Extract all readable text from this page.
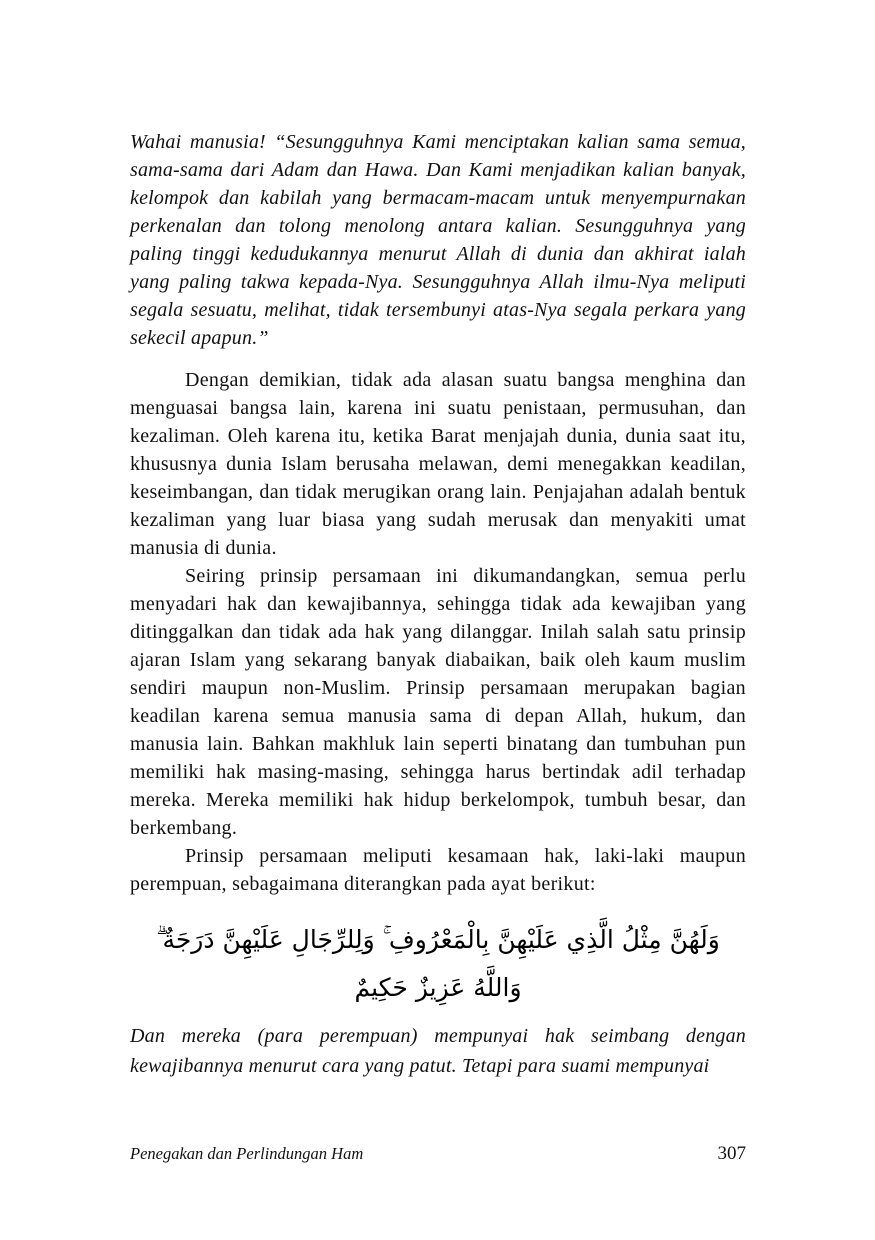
Wahai manusia! “Sesungguhnya Kami menciptakan kalian sama semua, sama-sama dari Adam dan Hawa. Dan Kami menjadikan kalian banyak, kelompok dan kabilah yang bermacam-macam untuk menyempurnakan perkenalan dan tolong menolong antara kalian. Sesungguhnya yang paling tinggi kedudukannya menurut Allah di dunia dan akhirat ialah yang paling takwa kepada-Nya. Sesungguhnya Allah ilmu-Nya meliputi segala sesuatu, melihat, tidak tersembunyi atas-Nya segala perkara yang sekecil apapun.”

Dengan demikian, tidak ada alasan suatu bangsa menghina dan menguasai bangsa lain, karena ini suatu penistaan, permusuhan, dan kezaliman. Oleh karena itu, ketika Barat menjajah dunia, dunia saat itu, khususnya dunia Islam berusaha melawan, demi menegakkan keadilan, keseimbangan, dan tidak merugikan orang lain. Penjajahan adalah bentuk kezaliman yang luar biasa yang sudah merusak dan menyakiti umat manusia di dunia.

Seiring prinsip persamaan ini dikumandangkan, semua perlu menyadari hak dan kewajibannya, sehingga tidak ada kewajiban yang ditinggalkan dan tidak ada hak yang dilanggar. Inilah salah satu prinsip ajaran Islam yang sekarang banyak diabaikan, baik oleh kaum muslim sendiri maupun non-Muslim. Prinsip persamaan merupakan bagian keadilan karena semua manusia sama di depan Allah, hukum, dan manusia lain. Bahkan makhluk lain seperti binatang dan tumbuhan pun memiliki hak masing-masing, sehingga harus bertindak adil terhadap mereka. Mereka memiliki hak hidup berkelompok, tumbuh besar, dan berkembang.

Prinsip persamaan meliputi kesamaan hak, laki-laki maupun perempuan, sebagaimana diterangkan pada ayat berikut:

وَلَهُنَّ مِثْلُ الَّذِي عَلَيْهِنَّ بِالْمَعْرُوفِ ۚ وَلِلرِّجَالِ عَلَيْهِنَّ دَرَجَةٌ ۗ وَاللَّهُ عَزِيزٌ حَكِيمٌ

Dan mereka (para perempuan) mempunyai hak seimbang dengan kewajibannya menurut cara yang patut. Tetapi para suami mempunyai

Penegakan dan Perlindungan Ham	307
